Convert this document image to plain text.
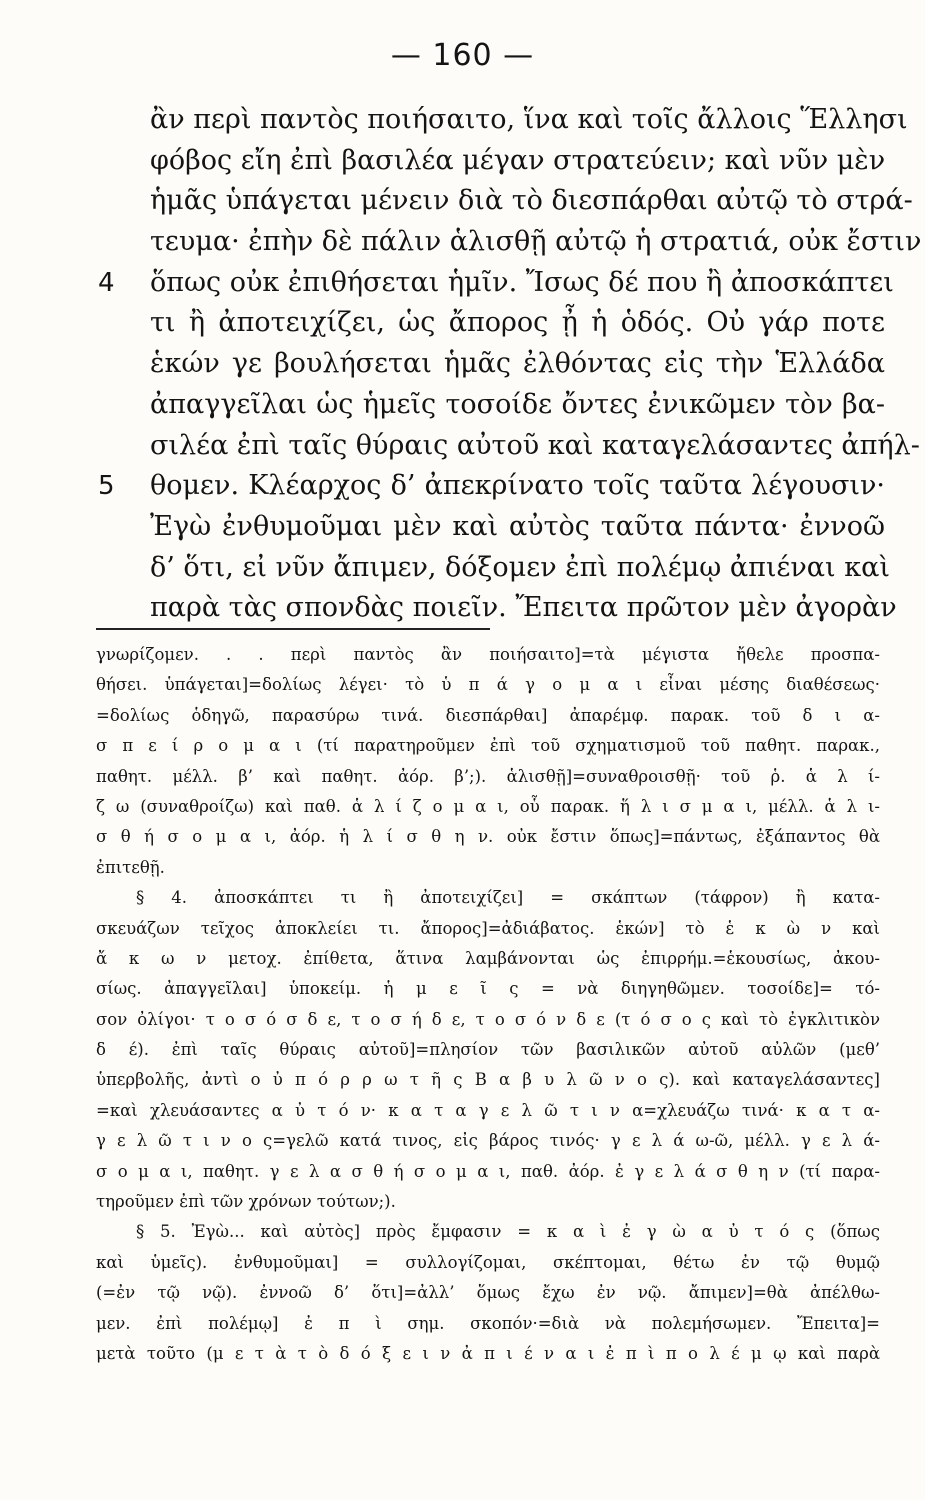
— 160 —
ἂν περὶ παντὸς ποιήσαιτο, ἵνα καὶ τοῖς ἄλλοις Ἕλλησι
φόβος εἴη ἐπὶ βασιλέα μέγαν στρατεύειν; καὶ νῦν μὲν
ἡμᾶς ὑπάγεται μένειν διὰ τὸ διεσπάρθαι αὐτῷ τὸ στρά-
τευμα· ἐπὴν δὲ πάλιν ἁλισθῇ αὐτῷ ἡ στρατιά, οὐκ ἔστιν
4 ὅπως οὐκ ἐπιθήσεται ἡμῖν. Ἴσως δέ που ἢ ἀποσκάπτει
τι ἢ ἀποτειχίζει, ὡς ἄπορος ᾖ ἡ ὁδός. Οὐ γάρ ποτε
ἑκών γε βουλήσεται ἡμᾶς ἐλθόντας εἰς τὴν Ἑλλάδα
ἀπαγγεῖλαι ὡς ἡμεῖς τοσοίδε ὄντες ἐνικῶμεν τὸν βα-
σιλέα ἐπὶ ταῖς θύραις αὐτοῦ καὶ καταγελάσαντες ἀπήλ-
5 θομεν. Κλέαρχος δ’ ἀπεκρίνατο τοῖς ταῦτα λέγουσιν·
Ἐγὼ ἐνθυμοῦμαι μὲν καὶ αὐτὸς ταῦτα πάντα· ἐννοῶ
δ’ ὅτι, εἰ νῦν ἄπιμεν, δόξομεν ἐπὶ πολέμῳ ἀπιέναι καὶ
παρὰ τὰς σπονδὰς ποιεῖν. Ἔπειτα πρῶτον μὲν ἀγορὰν
γνωρίζομεν. . . περὶ παντὸς ἂν ποιήσαιτο]=τὰ μέγιστα ἤθελε προσπα-
θήσει. ὑπάγεται]=δολίως λέγει· τὸ ὑ π ά γ ο μ α ι εἶναι μέσης διαθέσεως·
=δολίως ὁδηγῶ, παρασύρω τινά. διεσπάρθαι] ἀπαρέμφ. παρακ. τοῦ δ ι α-
σ π ε ί ρ ο μ α ι (τί παρατηροῦμεν ἐπὶ τοῦ σχηματισμοῦ τοῦ παθητ. παρακ.,
παθητ. μέλλ. β’ καὶ παθητ. ἀόρ. β’;). ἁλισθῇ]=συναθροισθῇ· τοῦ ῥ. ἁ λ ί-
ζ ω (συναθροίζω) καὶ παθ. ἁ λ ί ζ ο μ α ι, οὗ παρακ. ἥ λ ι σ μ α ι, μέλλ. ἁ λ ι-
σ θ ή σ ο μ α ι, ἀόρ. ἡ λ ί σ θ η ν. οὐκ ἔστιν ὅπως]=πάντως, ἐξάπαντος θὰ
ἐπιτεθῇ.
§ 4. ἀποσκάπτει τι ἢ ἀποτειχίζει] = σκάπτων (τάφρον) ἢ κατα-
σκευάζων τεῖχος ἀποκλείει τι. ἄπορος]=ἀδιάβατος. ἑκών] τὸ ἑ κ ὼ ν καὶ
ἄ κ ω ν μετοχ. ἐπίθετα, ἅτινα λαμβάνονται ὡς ἐπιρρήμ.=ἑκουσίως, ἀκου-
σίως. ἀπαγγεῖλαι] ὑποκείμ. ἡ μ ε ῖ ς = νὰ διηγηθῶμεν. τοσοίδε]= τό-
σον ὀλίγοι· τ ο σ ό σ δ ε, τ ο σ ή δ ε, τ ο σ ό ν δ ε (τ ό σ ο ς καὶ τὸ ἐγκλιτικὸν
δ έ). ἐπὶ ταῖς θύραις αὐτοῦ]=πλησίον τῶν βασιλικῶν αὐτοῦ αὐλῶν (μεθ’
ὑπερβολῆς, ἀντὶ ο ὐ π ό ρ ρ ω τ ῆ ς Β α β υ λ ῶ ν ο ς). καὶ καταγελάσαντες]
=καὶ χλευάσαντες α ὐ τ ό ν· κ α τ α γ ε λ ῶ τ ι ν α=χλευάζω τινά· κ α τ α-
γ ε λ ῶ τ ι ν ο ς=γελῶ κατά τινος, εἰς βάρος τινός· γ ε λ ά ω-ῶ, μέλλ. γ ε λ ά-
σ ο μ α ι, παθητ. γ ε λ α σ θ ή σ ο μ α ι, παθ. ἀόρ. ἐ γ ε λ ά σ θ η ν (τί παρα-
τηροῦμεν ἐπὶ τῶν χρόνων τούτων;).
§ 5. Ἐγὼ... καὶ αὐτὸς] πρὸς ἔμφασιν = κ α ὶ ἐ γ ὼ α ὐ τ ό ς (ὅπως
καὶ ὑμεῖς). ἐνθυμοῦμαι] = συλλογίζομαι, σκέπτομαι, θέτω ἐν τῷ θυμῷ
(=ἐν τῷ νῷ). ἐννοῶ δ’ ὅτι]=ἀλλ’ ὅμως ἔχω ἐν νῷ. ἄπιμεν]=θὰ ἀπέλθω-
μεν. ἐπὶ πολέμῳ] ἐ π ὶ σημ. σκοπόν·=διὰ νὰ πολεμήσωμεν. Ἔπειτα]=
μετὰ τοῦτο (μ ε τ ὰ τ ὸ δ ό ξ ε ι ν ἀ π ι έ ν α ι ἐ π ὶ π ο λ έ μ ῳ καὶ παρὰ
